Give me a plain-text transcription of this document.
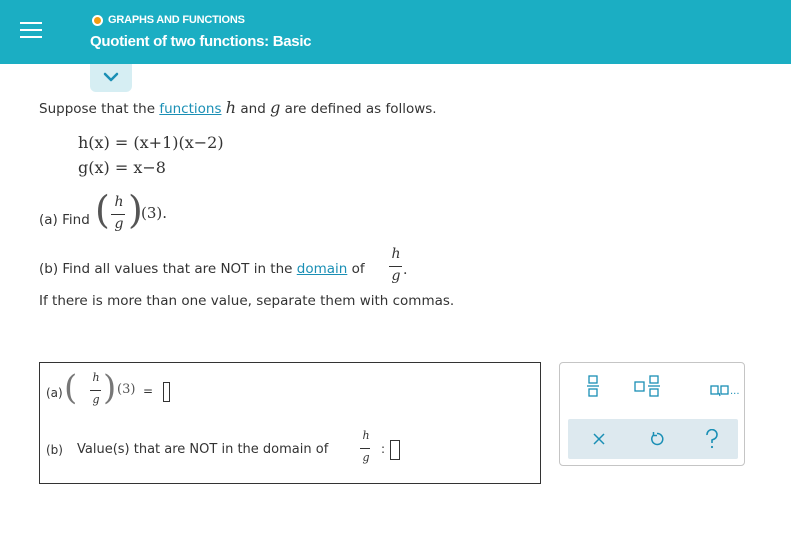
GRAPHS AND FUNCTIONS
Quotient of two functions: Basic
Suppose that the functions h and g are defined as follows.
h(x) = (x+1)(x−2)
g(x) = x−8
(a) Find ( h
g )
(3).
(b) Find all values that are NOT in the domain of
h
g .
If there is more than one value, separate them with commas.
(a) ( h
g ) (3) =
(b) Value(s) that are NOT in the domain of
h
g
:
...
